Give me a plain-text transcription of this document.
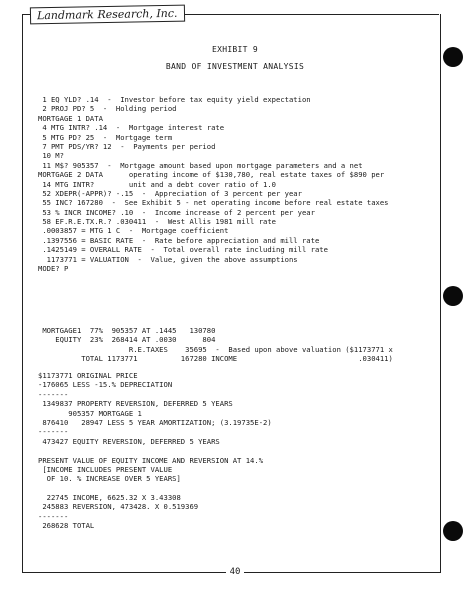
Landmark Research, Inc.
EXHIBIT 9
BAND OF INVESTMENT ANALYSIS
1 EQ YLD? .14  -  Investor before tax equity yield expectation
2 PROJ PD? 5  -  Holding period
MORTGAGE 1 DATA
4 MTG INTR? .14  -  Mortgage interest rate
5 MTG PD? 25  -  Mortgage term
7 PMT PDS/YR? 12  -  Payments per period
10 M?
11 M$? 905357  -  Mortgage amount based upon mortgage parameters and a net
MORTGAGE 2 DATA      operating income of $130,780, real estate taxes of $890 per
14 MTG INTR?        unit and a debt cover ratio of 1.0
52 XDEPR(-APPR)? -.15  -  Appreciation of 3 percent per year
55 INC? 167280  -  See Exhibit 5 - net operating income before real estate taxes
53 % INCR INCOME? .10  -  Income increase of 2 percent per year
58 EF.R.E.TX.R.? .030411  -  West Allis 1981 mill rate
.0003857 = MTG 1 C  -  Mortgage coefficient
.1397556 = BASIC RATE  -  Rate before appreciation and mill rate
.1425149 = OVERALL RATE  -  Total overall rate including mill rate
1173771 = VALUATION  -  Value, given the above assumptions
MODE? P
MORTGAGE1  77%  905357 AT .1445   130780
EQUITY  23%  268414 AT .0030      804
R.E.TAXES    35695  -  Based upon above valuation ($1173771 x
TOTAL 1173771          167280 INCOME                            .030411)
$1173771 ORIGINAL PRICE
-176065 LESS -15.% DEPRECIATION
-------
1349837 PROPERTY REVERSION, DEFERRED 5 YEARS
905357 MORTGAGE 1
876410   28947 LESS 5 YEAR AMORTIZATION; (3.19735E-2)
-------
473427 EQUITY REVERSION, DEFERRED 5 YEARS
PRESENT VALUE OF EQUITY INCOME AND REVERSION AT 14.%
[INCOME INCLUDES PRESENT VALUE
OF 10. % INCREASE OVER 5 YEARS]
22745 INCOME, 6625.32 X 3.43308
245883 REVERSION, 473428. X 0.519369
-------
268628 TOTAL
40
